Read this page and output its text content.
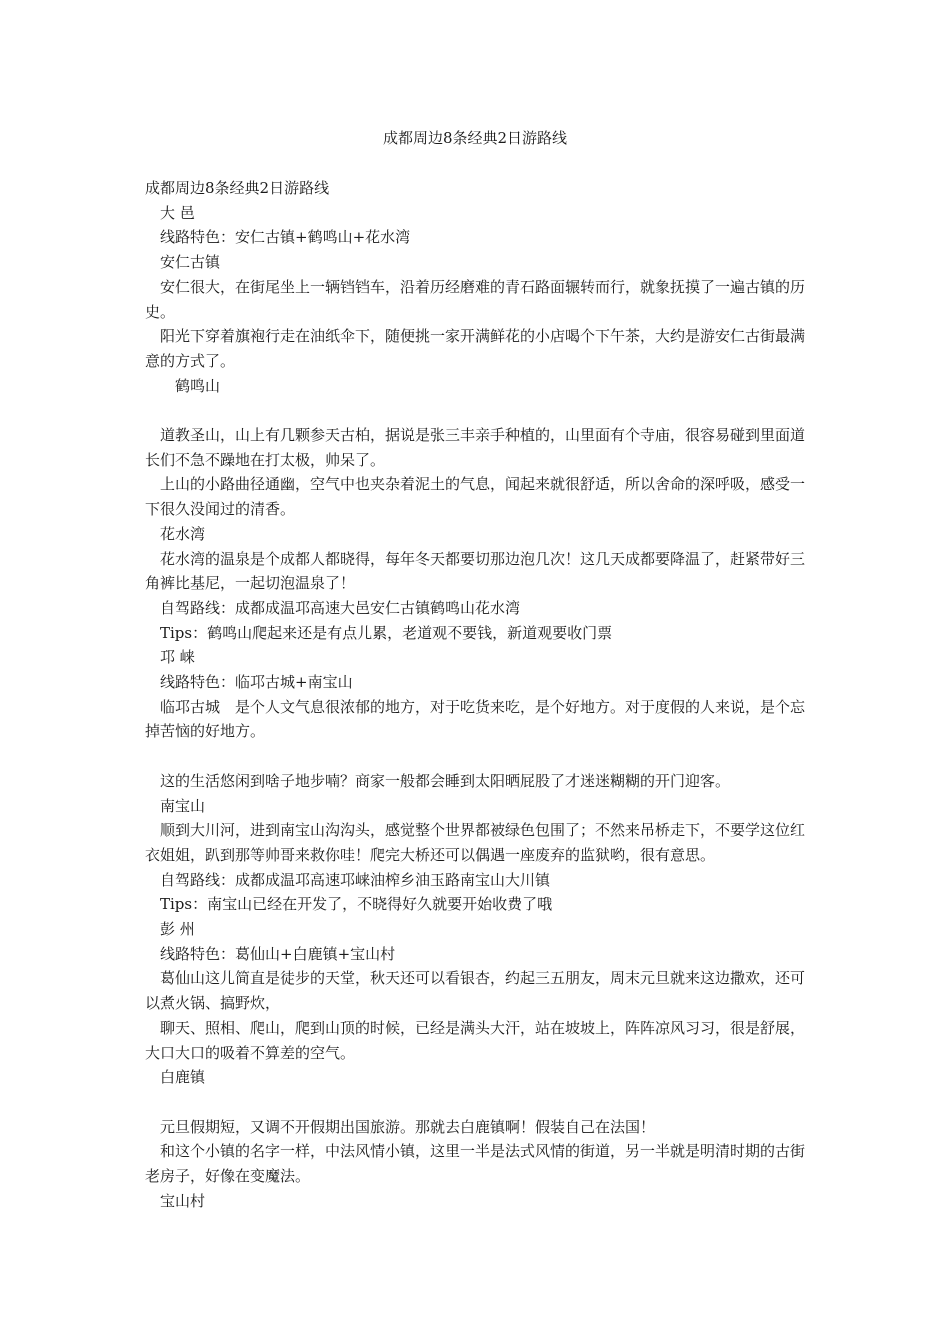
成都周边8条经典2日游路线

成都周边8条经典2日游路线

　大 邑

　线路特色：安仁古镇+鹤鸣山+花水湾

　安仁古镇

　安仁很大，在街尾坐上一辆铛铛车，沿着历经磨难的青石路面辗转而行，就象抚摸了一遍古镇的历史。

　阳光下穿着旗袍行走在油纸伞下，随便挑一家开满鲜花的小店喝个下午茶，大约是游安仁古街最满意的方式了。

　　鹤鸣山

　道教圣山，山上有几颗参天古柏，据说是张三丰亲手种植的，山里面有个寺庙，很容易碰到里面道长们不急不躁地在打太极，帅呆了。

　上山的小路曲径通幽，空气中也夹杂着泥土的气息，闻起来就很舒适，所以舍命的深呼吸，感受一下很久没闻过的清香。

　花水湾

　花水湾的温泉是个成都人都晓得，每年冬天都要切那边泡几次！这几天成都要降温了，赶紧带好三角裤比基尼，一起切泡温泉了！

　自驾路线：成都成温邛高速大邑安仁古镇鹤鸣山花水湾

　Tips：鹤鸣山爬起来还是有点儿累，老道观不要钱，新道观要收门票

　邛 崃

　线路特色：临邛古城+南宝山

　临邛古城　是个人文气息很浓郁的地方，对于吃货来吃，是个好地方。对于度假的人来说，是个忘掉苦恼的好地方。

　这的生活悠闲到啥子地步喃？商家一般都会睡到太阳晒屁股了才迷迷糊糊的开门迎客。

　南宝山

　顺到大川河，进到南宝山沟沟头，感觉整个世界都被绿色包围了；不然来吊桥走下，不要学这位红衣姐姐，趴到那等帅哥来救你哇！爬完大桥还可以偶遇一座废弃的监狱哟，很有意思。

　自驾路线：成都成温邛高速邛崃油榨乡油玉路南宝山大川镇

　Tips：南宝山已经在开发了，不晓得好久就要开始收费了哦

　彭 州

　线路特色：葛仙山+白鹿镇+宝山村

　葛仙山这儿简直是徒步的天堂，秋天还可以看银杏，约起三五朋友，周末元旦就来这边撒欢，还可以煮火锅、搞野炊，

　聊天、照相、爬山，爬到山顶的时候，已经是满头大汗，站在坡坡上，阵阵凉风习习，很是舒展，大口大口的吸着不算差的空气。

　白鹿镇

　元旦假期短，又调不开假期出国旅游。那就去白鹿镇啊！假装自己在法国！

　和这个小镇的名字一样，中法风情小镇，这里一半是法式风情的街道，另一半就是明清时期的古街老房子，好像在变魔法。

　宝山村
